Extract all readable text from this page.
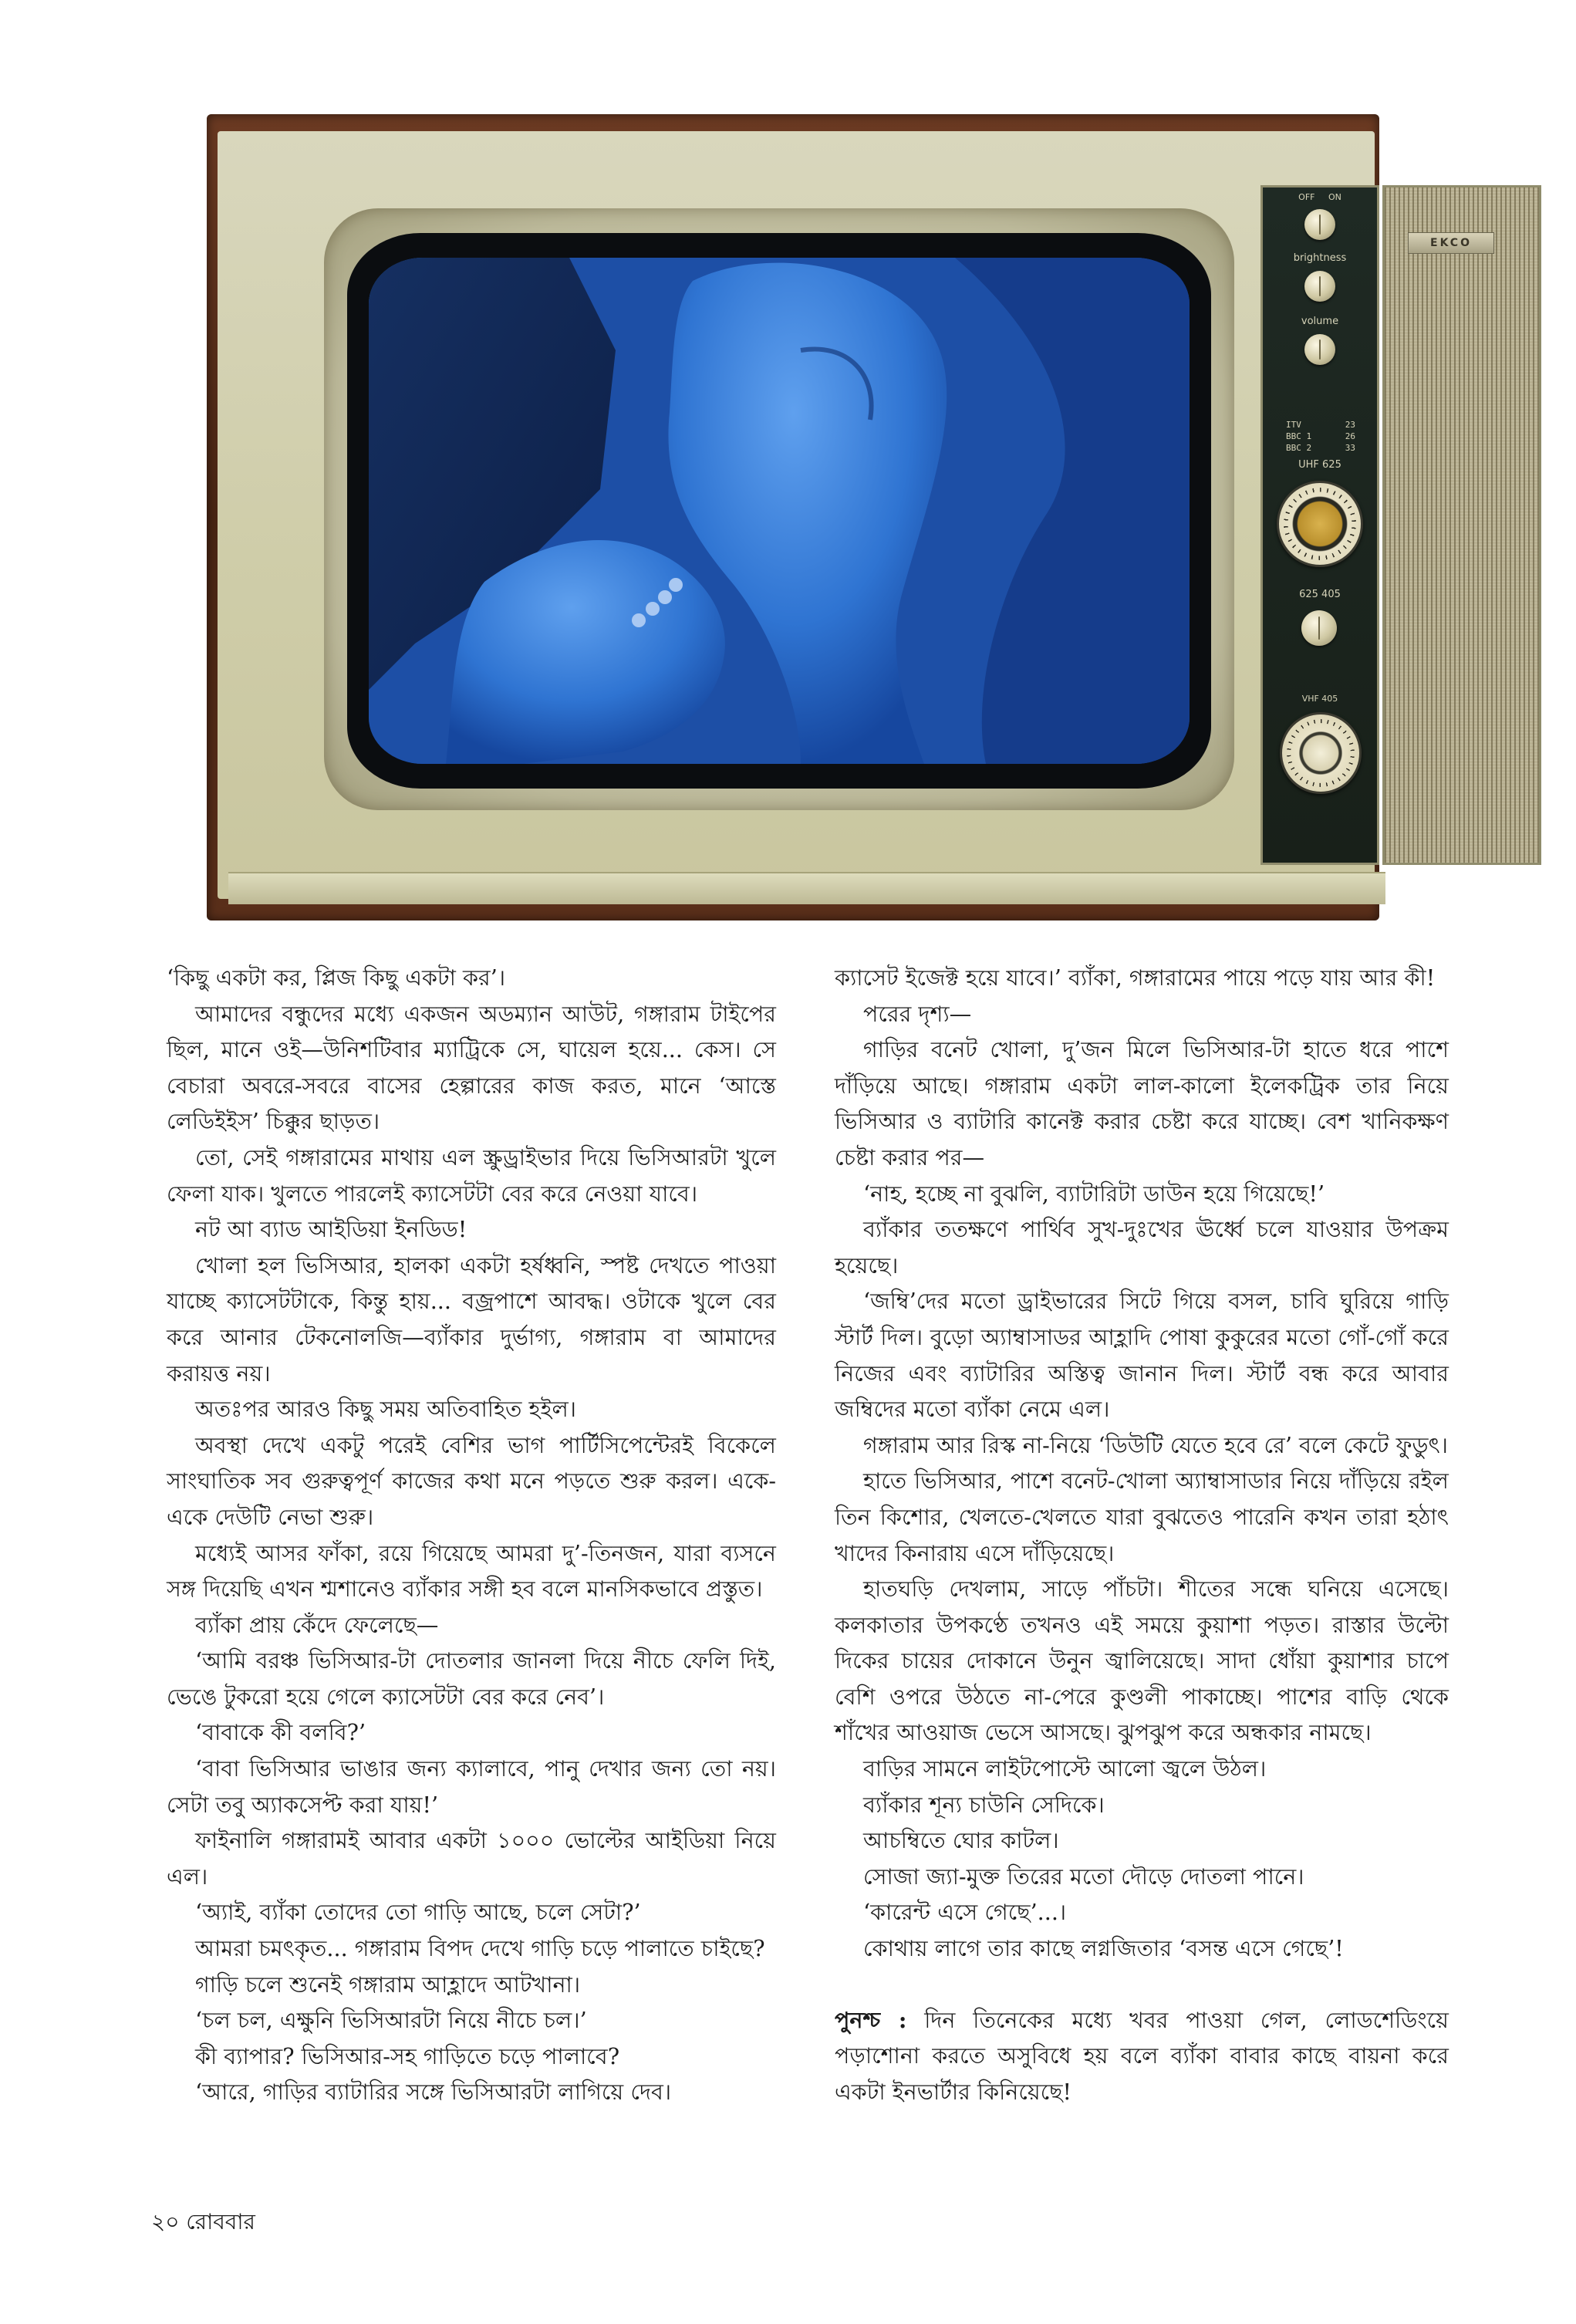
OFF ON
brightness
volume
ITV	23
BBC 1	26
BBC 2	33
UHF 625
625 405
VHF 405
EKCO

‘কিছু একটা কর, প্লিজ কিছু একটা কর’।

আমাদের বন্ধুদের মধ্যে একজন অডম্যান আউট, গঙ্গারাম টাইপের ছিল, মানে ওই—উনিশটিবার ম্যাট্রিকে সে, ঘায়েল হয়ে... কেস। সে বেচারা অবরে-সবরে বাসের হেল্পারের কাজ করত, মানে ‘আস্তে লেডিইইস’ চিক্কুর ছাড়ত।

তো, সেই গঙ্গারামের মাথায় এল স্ক্রুড্রাইভার দিয়ে ভিসিআরটা খুলে ফেলা যাক। খুলতে পারলেই ক্যাসেটটা বের করে নেওয়া যাবে।

নট আ ব্যাড আইডিয়া ইনডিড!

খোলা হল ভিসিআর, হালকা একটা হর্ষধ্বনি, স্পষ্ট দেখতে পাওয়া যাচ্ছে ক্যাসেটটাকে, কিন্তু হায়... বজ্রপাশে আবদ্ধ। ওটাকে খুলে বের করে আনার টেকনোলজি—ব্যাঁকার দুর্ভাগ্য, গঙ্গারাম বা আমাদের করায়ত্ত নয়।

অতঃপর আরও কিছু সময় অতিবাহিত হইল।

অবস্থা দেখে একটু পরেই বেশির ভাগ পার্টিসিপেন্টেরই বিকেলে সাংঘাতিক সব গুরুত্বপূর্ণ কাজের কথা মনে পড়তে শুরু করল। একে-একে দেউটি নেভা শুরু।

মধ্যেই আসর ফাঁকা, রয়ে গিয়েছে আমরা দু’-তিনজন, যারা ব্যসনে সঙ্গ দিয়েছি এখন শ্মশানেও ব্যাঁকার সঙ্গী হব বলে মানসিকভাবে প্রস্তুত।

ব্যাঁকা প্রায় কেঁদে ফেলেছে—

‘আমি বরঞ্চ ভিসিআর-টা দোতলার জানলা দিয়ে নীচে ফেলি দিই, ভেঙে টুকরো হয়ে গেলে ক্যাসেটটা বের করে নেব’।

‘বাবাকে কী বলবি?’

‘বাবা ভিসিআর ভাঙার জন্য ক্যালাবে, পানু দেখার জন্য তো নয়। সেটা তবু অ্যাকসেপ্ট করা যায়!’

ফাইনালি গঙ্গারামই আবার একটা ১০০০ ভোল্টের আইডিয়া নিয়ে এল।

‘অ্যাই, ব্যাঁকা তোদের তো গাড়ি আছে, চলে সেটা?’

আমরা চমৎকৃত... গঙ্গারাম বিপদ দেখে গাড়ি চড়ে পালাতে চাইছে?

গাড়ি চলে শুনেই গঙ্গারাম আহ্লাদে আটখানা।

‘চল চল, এক্ষুনি ভিসিআরটা নিয়ে নীচে চল।’

কী ব্যাপার? ভিসিআর-সহ গাড়িতে চড়ে পালাবে?

‘আরে, গাড়ির ব্যাটারির সঙ্গে ভিসিআরটা লাগিয়ে দেব।

ক্যাসেট ইজেক্ট হয়ে যাবে।’ ব্যাঁকা, গঙ্গারামের পায়ে পড়ে যায় আর কী!

পরের দৃশ্য—

গাড়ির বনেট খোলা, দু’জন মিলে ভিসিআর-টা হাতে ধরে পাশে দাঁড়িয়ে আছে। গঙ্গারাম একটা লাল-কালো ইলেকট্রিক তার নিয়ে ভিসিআর ও ব্যাটারি কানেক্ট করার চেষ্টা করে যাচ্ছে। বেশ খানিকক্ষণ চেষ্টা করার পর—

‘নাহ, হচ্ছে না বুঝলি, ব্যাটারিটা ডাউন হয়ে গিয়েছে!’

ব্যাঁকার ততক্ষণে পার্থিব সুখ-দুঃখের ঊর্ধ্বে চলে যাওয়ার উপক্রম হয়েছে।

‘জম্বি’দের মতো ড্রাইভারের সিটে গিয়ে বসল, চাবি ঘুরিয়ে গাড়ি স্টার্ট দিল। বুড়ো অ্যাম্বাসাডর আহ্লাদি পোষা কুকুরের মতো গোঁ-গোঁ করে নিজের এবং ব্যাটারির অস্তিত্ব জানান দিল। স্টার্ট বন্ধ করে আবার জম্বিদের মতো ব্যাঁকা নেমে এল।

গঙ্গারাম আর রিস্ক না-নিয়ে ‘ডিউটি যেতে হবে রে’ বলে কেটে ফুডুৎ।

হাতে ভিসিআর, পাশে বনেট-খোলা অ্যাম্বাসাডার নিয়ে দাঁড়িয়ে রইল তিন কিশোর, খেলতে-খেলতে যারা বুঝতেও পারেনি কখন তারা হঠাৎ খাদের কিনারায় এসে দাঁড়িয়েছে।

হাতঘড়ি দেখলাম, সাড়ে পাঁচটা। শীতের সন্ধে ঘনিয়ে এসেছে। কলকাতার উপকণ্ঠে তখনও এই সময়ে কুয়াশা পড়ত। রাস্তার উল্টো দিকের চায়ের দোকানে উনুন জ্বালিয়েছে। সাদা ধোঁয়া কুয়াশার চাপে বেশি ওপরে উঠতে না-পেরে কুণ্ডলী পাকাচ্ছে। পাশের বাড়ি থেকে শাঁখের আওয়াজ ভেসে আসছে। ঝুপঝুপ করে অন্ধকার নামছে।

বাড়ির সামনে লাইটপোস্টে আলো জ্বলে উঠল।

ব্যাঁকার শূন্য চাউনি সেদিকে।

আচম্বিতে ঘোর কাটল।

সোজা জ্যা-মুক্ত তিরের মতো দৌড়ে দোতলা পানে।

‘কারেন্ট এসে গেছে’...।

কোথায় লাগে তার কাছে লগ্নজিতার ‘বসন্ত এসে গেছে’!

পুনশ্চ : দিন তিনেকের মধ্যে খবর পাওয়া গেল, লোডশেডিংয়ে পড়াশোনা করতে অসুবিধে হয় বলে ব্যাঁকা বাবার কাছে বায়না করে একটা ইনভার্টার কিনিয়েছে!

২০ রোববার
